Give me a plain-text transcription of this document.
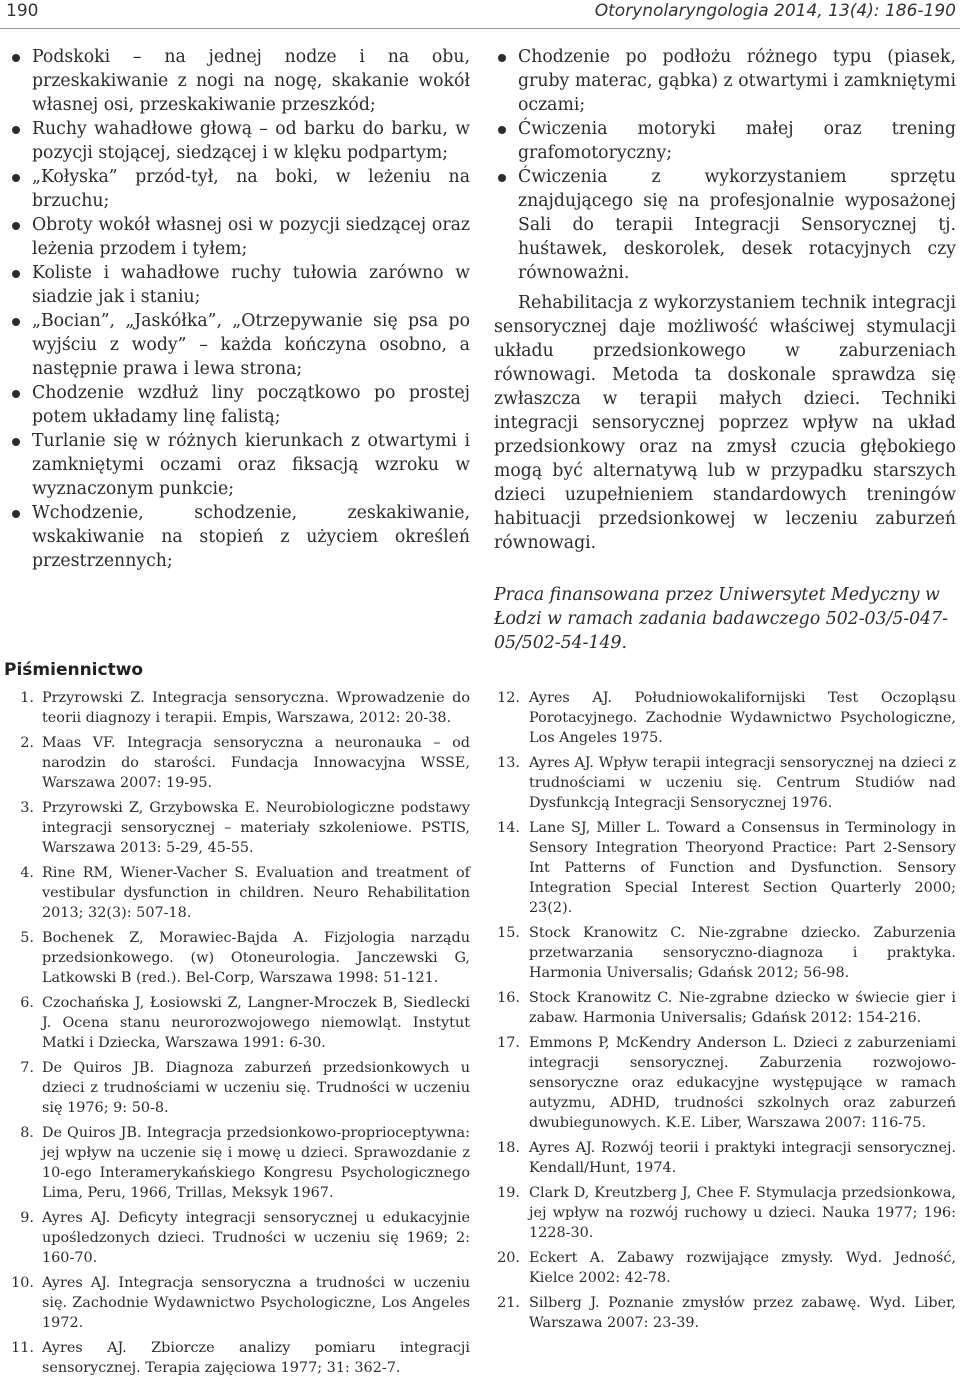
190	Otorynolaryngologia 2014, 13(4): 186-190
Podskoki – na jednej nodze i na obu, przeskakiwanie z nogi na nogę, skakanie wokół własnej osi, przeskakiwanie przeszkód;
Ruchy wahadłowe głową – od barku do barku, w pozycji stojącej, siedzącej i w klęku podpartym;
„Kołyska” przód-tył, na boki, w leżeniu na brzuchu;
Obroty wokół własnej osi w pozycji siedzącej oraz leżenia przodem i tyłem;
Koliste i wahadłowe ruchy tułowia zarówno w siadzie jak i staniu;
„Bocian”, „Jaskółka”, „Otrzepywanie się psa po wyjściu z wody” – każda kończyna osobno, a następnie prawa i lewa strona;
Chodzenie wzdłuż liny początkowo po prostej potem układamy linę falistą;
Turlanie się w różnych kierunkach z otwartymi i zamkniętymi oczami oraz fiksacją wzroku w wyznaczonym punkcie;
Wchodzenie, schodzenie, zeskakiwanie, wskakiwanie na stopień z użyciem określeń przestrzennych;
Chodzenie po podłożu różnego typu (piasek, gruby materac, gąbka) z otwartymi i zamkniętymi oczami;
Ćwiczenia motoryki małej oraz trening grafomotoryczny;
Ćwiczenia z wykorzystaniem sprzętu znajdującego się na profesjonalnie wyposażonej Sali do terapii Integracji Sensorycznej tj. huśtawek, deskorolek, desek rotacyjnych czy równoważni.

Rehabilitacja z wykorzystaniem technik integracji sensorycznej daje możliwość właściwej stymulacji układu przedsionkowego w zaburzeniach równowagi. Metoda ta doskonale sprawdza się zwłaszcza w terapii małych dzieci. Techniki integracji sensorycznej poprzez wpływ na układ przedsionkowy oraz na zmysł czucia głębokiego mogą być alternatywą lub w przypadku starszych dzieci uzupełnieniem standardowych treningów habituacji przedsionkowej w leczeniu zaburzeń równowagi.

Praca finansowana przez Uniwersytet Medyczny w Łodzi w ramach zadania badawczego 502-03/5-047-05/502-54-149.

Piśmiennictwo
1. Przyrowski Z. Integracja sensoryczna. Wprowadzenie do teorii diagnozy i terapii. Empis, Warszawa, 2012: 20-38.
2. Maas VF. Integracja sensoryczna a neuronauka – od narodzin do starości. Fundacja Innowacyjna WSSE, Warszawa 2007: 19-95.
3. Przyrowski Z, Grzybowska E. Neurobiologiczne podstawy integracji sensorycznej – materiały szkoleniowe. PSTIS, Warszawa 2013: 5-29, 45-55.
4. Rine RM, Wiener-Vacher S. Evaluation and treatment of vestibular dysfunction in children. Neuro Rehabilitation 2013; 32(3): 507-18.
5. Bochenek Z, Morawiec-Bajda A. Fizjologia narządu przedsionkowego. (w) Otoneurologia. Janczewski G, Latkowski B (red.). Bel-Corp, Warszawa 1998: 51-121.
6. Czochańska J, Łosiowski Z, Langner-Mroczek B, Siedlecki J. Ocena stanu neurorozwojowego niemowląt. Instytut Matki i Dziecka, Warszawa 1991: 6-30.
7. De Quiros JB. Diagnoza zaburzeń przedsionkowych u dzieci z trudnościami w uczeniu się. Trudności w uczeniu się 1976; 9: 50-8.
8. De Quiros JB. Integracja przedsionkowo-proprioceptywna: jej wpływ na uczenie się i mowę u dzieci. Sprawozdanie z 10-ego Interamerykańskiego Kongresu Psychologicznego Lima, Peru, 1966, Trillas, Meksyk 1967.
9. Ayres AJ. Deficyty integracji sensorycznej u edukacyjnie upośledzonych dzieci. Trudności w uczeniu się 1969; 2: 160-70.
10. Ayres AJ. Integracja sensoryczna a trudności w uczeniu się. Zachodnie Wydawnictwo Psychologiczne, Los Angeles 1972.
11. Ayres AJ. Zbiorcze analizy pomiaru integracji sensorycznej. Terapia zajęciowa 1977; 31: 362-7.
12. Ayres AJ. Południowokalifornijski Test Oczopląsu Porotacyjnego. Zachodnie Wydawnictwo Psychologiczne, Los Angeles 1975.
13. Ayres AJ. Wpływ terapii integracji sensorycznej na dzieci z trudnościami w uczeniu się. Centrum Studiów nad Dysfunkcją Integracji Sensorycznej 1976.
14. Lane SJ, Miller L. Toward a Consensus in Terminology in Sensory Integration Theoryond Practice: Part 2-Sensory Int Patterns of Function and Dysfunction. Sensory Integration Special Interest Section Quarterly 2000; 23(2).
15. Stock Kranowitz C. Nie-zgrabne dziecko. Zaburzenia przetwarzania sensoryczno-diagnoza i praktyka. Harmonia Universalis; Gdańsk 2012; 56-98.
16. Stock Kranowitz C. Nie-zgrabne dziecko w świecie gier i zabaw. Harmonia Universalis; Gdańsk 2012: 154-216.
17. Emmons P, McKendry Anderson L. Dzieci z zaburzeniami integracji sensorycznej. Zaburzenia rozwojowo-sensoryczne oraz edukacyjne występujące w ramach autyzmu, ADHD, trudności szkolnych oraz zaburzeń dwubiegunowych. K.E. Liber, Warszawa 2007: 116-75.
18. Ayres AJ. Rozwój teorii i praktyki integracji sensorycznej. Kendall/Hunt, 1974.
19. Clark D, Kreutzberg J, Chee F. Stymulacja przedsionkowa, jej wpływ na rozwój ruchowy u dzieci. Nauka 1977; 196: 1228-30.
20. Eckert A. Zabawy rozwijające zmysły. Wyd. Jedność, Kielce 2002: 42-78.
21. Silberg J. Poznanie zmysłów przez zabawę. Wyd. Liber, Warszawa 2007: 23-39.
